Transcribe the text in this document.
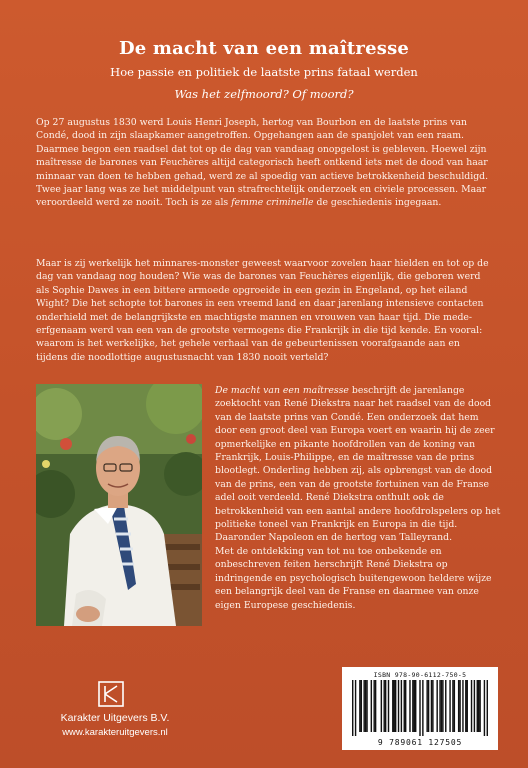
De macht van een maîtresse
Hoe passie en politiek de laatste prins fataal werden
Was het zelfmoord? Of moord?

Op 27 augustus 1830 werd Louis Henri Joseph, hertog van Bourbon en de laatste prins van Condé, dood in zijn slaapkamer aangetroffen. Opgehangen aan de spanjolet van een raam. Daarmee begon een raadsel dat tot op de dag van vandaag onopgelost is gebleven. Hoewel zijn maîtresse de barones van Feuchères altijd categorisch heeft ontkend iets met de dood van haar minnaar van doen te hebben gehad, werd ze al spoedig van actieve betrokkenheid beschuldigd. Twee jaar lang was ze het middelpunt van strafrechtelijk onderzoek en civiele processen. Maar veroordeeld werd ze nooit. Toch is ze als femme criminelle de geschiedenis ingegaan.

Maar is zij werkelijk het minnares-monster geweest waarvoor zovelen haar hielden en tot op de dag van vandaag nog houden? Wie was de barones van Feuchères eigenlijk, die geboren werd als Sophie Dawes in een bittere armoede opgroeide in een gezin in Engeland, op het eiland Wight? Die het schopte tot barones in een vreemd land en daar jarenlang intensieve contacten onderhield met de belangrijkste en machtigste mannen en vrouwen van haar tijd. Die mede-erfgenaam werd van een van de grootste vermogens die Frankrijk in die tijd kende. En vooral: waarom is het werkelijke, het gehele verhaal van de gebeurtenissen voorafgaande aan en tijdens die noodlottige augustusnacht van 1830 nooit verteld?

De macht van een maîtresse beschrijft de jarenlange zoektocht van René Diekstra naar het raadsel van de dood van de laatste prins van Condé. Een onderzoek dat hem door een groot deel van Europa voert en waarin hij de zeer opmerkelijke en pikante hoofdrollen van de koning van Frankrijk, Louis-Philippe, en de maîtresse van de prins blootlegt. Onderling hebben zij, als opbrengst van de dood van de prins, een van de grootste fortuinen van de Franse adel ooit verdeeld. René Diekstra onthult ook de betrokkenheid van een aantal andere hoofdrolspelers op het politieke toneel van Frankrijk en Europa in die tijd. Daaronder Napoleon en de hertog van Talleyrand.
Met de ontdekking van tot nu toe onbekende en onbeschreven feiten herschrijft René Diekstra op indringende en psychologisch buitengewoon heldere wijze een belangrijk deel van de Franse en daarmee van onze eigen Europese geschiedenis.

Karakter Uitgevers B.V.
www.karakteruitgevers.nl
ISBN 978-90-6112-750-5
9 789061 127505
